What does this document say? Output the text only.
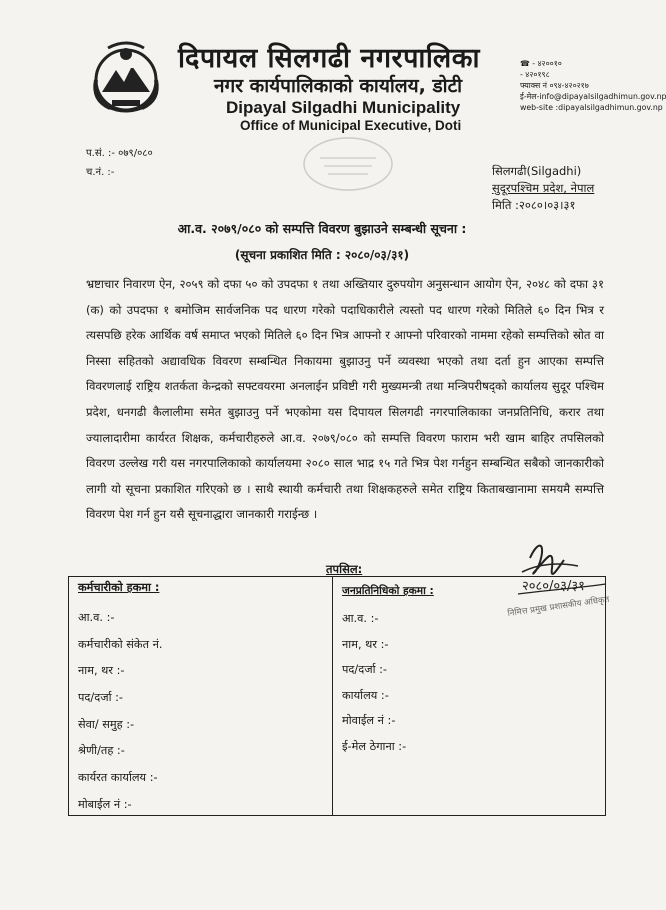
दिपायल सिलगढी नगरपालिका
नगर कार्यपालिकाको कार्यालय, डोटी
Dipayal Silgadhi Municipality
Office of Municipal Executive, Doti
☎ - ४२००१०
- ४२०१९८
फ्याक्स नं ०९४-४२०२१७
ई-मेल-info@dipayalsilgadhimun.gov.np
web-site :dipayalsilgadhimun.gov.np
प.सं. :- ०७९/०८०
च.नं. :-	सिलगढी(Silgadhi)
सुदूरपश्चिम प्रदेश, नेपाल
मिति :२०८०।०३।३१
आ.व. २०७९/०८० को सम्पत्ति विवरण बुझाउने सम्बन्धी सूचना :
(सूचना प्रकाशित मिति : २०८०/०३/३१)
भ्रष्टाचार निवारण ऐन, २०५९ को दफा ५० को उपदफा १ तथा अख्तियार दुरुपयोग अनुसन्धान आयोग ऐन, २०४८ को दफा ३१ (क) को उपदफा १ बमोजिम सार्वजनिक पद धारण गरेको पदाधिकारीले त्यस्तो पद धारण गरेको मितिले ६० दिन भित्र र त्यसपछि हरेक आर्थिक वर्ष समाप्त भएको मितिले ६० दिन भित्र आफ्नो र आफ्नो परिवारको नाममा रहेको सम्पत्तिको स्रोत वा निस्सा सहितको अद्यावधिक विवरण सम्बन्धित निकायमा बुझाउनु पर्ने व्यवस्था भएको तथा दर्ता हुन आएका सम्पत्ति विवरणलाई राष्ट्रिय शतर्कता केन्द्रको सफ्टवयरमा अनलाईन प्रविष्टी गरी मुख्यमन्त्री तथा मन्त्रिपरीषद्को कार्यालय सुदूर पश्चिम प्रदेश, धनगढी कैलालीमा समेत बुझाउनु पर्ने भएकोमा यस दिपायल सिलगढी नगरपालिकाका जनप्रतिनिधि, करार तथा ज्यालादारीमा कार्यरत शिक्षक, कर्मचारीहरुले आ.व. २०७९/०८० को सम्पत्ति विवरण फाराम भरी खाम बाहिर तपसिलको विवरण उल्लेख गरी यस नगरपालिकाको कार्यालयमा २०८० साल भाद्र १५ गते भित्र पेश गर्नहुन सम्बन्धित सबैको जानकारीको लागी यो सूचना प्रकाशित गरिएको छ । साथै स्थायी कर्मचारी तथा शिक्षकहरुले समेत राष्ट्रिय किताबखानामा समयमै सम्पत्ति विवरण पेश गर्न हुन यसै सूचनाद्धारा जानकारी गराईन्छ ।
२०८०/०३/३१
निमित्त प्रमुख प्रशासकीय अधिकृत
तपसिल:
कर्मचारीको हकमा :
आ.व. :-
कर्मचारीको संकेत नं.
नाम, थर :-
पद/दर्जा :-
सेवा/ समुह :-
श्रेणी/तह :-
कार्यरत कार्यालय :-
मोबाईल नं :-
जनप्रतिनिधिको हकमा :
आ.व. :-
नाम, थर :-
पद/दर्जा :-
कार्यालय :-
मोवाईल नं :-
ई-मेल ठेगाना :-
